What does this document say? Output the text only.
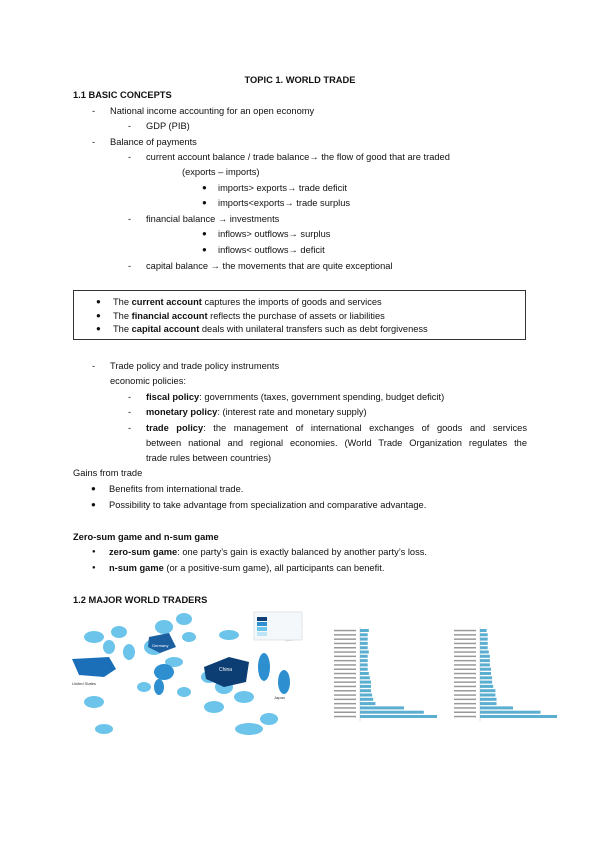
TOPIC 1. WORLD TRADE
1.1 BASIC CONCEPTS
- National income accounting for an open economy
- GDP (PIB)
- Balance of payments
- current account balance / trade balance→ the flow of good that are traded
(exports – imports)
● imports> exports→ trade deficit
● imports<exports→ trade surplus
- financial balance → investments
● inflows> outflows→ surplus
● inflows< outflows→ deficit
- capital balance → the movements that are quite exceptional
● The current account captures the imports of goods and services
● The financial account reflects the purchase of assets or liabilities
● The capital account deals with unilateral transfers such as debt forgiveness
- Trade policy and trade policy instruments
economic policies:
- fiscal policy: governments (taxes, government spending, budget deficit)
- monetary policy: (interest rate and monetary supply)
- trade policy: the management of international exchanges of goods and services
between national and regional economies. (World Trade Organization regulates the
trade rules between countries)
Gains from trade
● Benefits from international trade.
● Possibility to take advantage from specialization and comparative advantage.
Zero-sum game and n-sum game
● zero-sum game: one party’s gain is exactly balanced by another party’s loss.
● n-sum game (or a positive-sum game), all participants can benefit.
1.2 MAJOR WORLD TRADERS
China
United States
Japan
Germany
